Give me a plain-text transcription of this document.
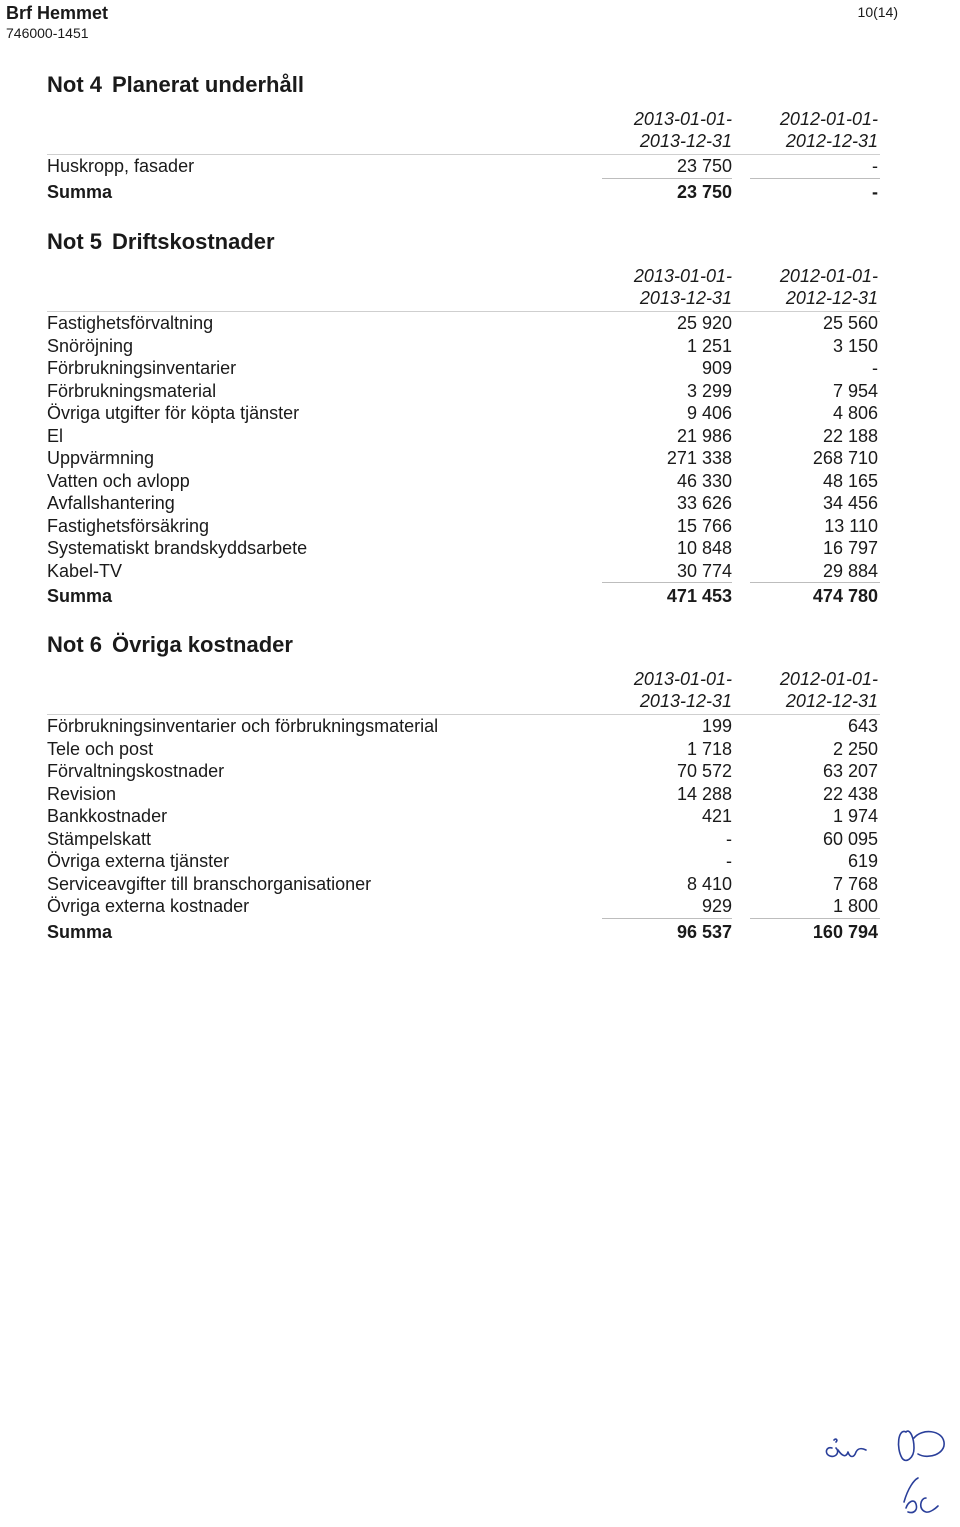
Brf Hemmet
746000-1451
10(14)
Not 4 Planerat underhåll
2013-01-01-
2013-12-31
2012-01-01-
2012-12-31
Huskropp, fasader	23 750	-
Summa	23 750	-
Not 5 Driftskostnader
2013-01-01-
2013-12-31
2012-01-01-
2012-12-31
Fastighetsförvaltning	25 920	25 560
Snöröjning	1 251	3 150
Förbrukningsinventarier	909	-
Förbrukningsmaterial	3 299	7 954
Övriga utgifter för köpta tjänster	9 406	4 806
El	21 986	22 188
Uppvärmning	271 338	268 710
Vatten och avlopp	46 330	48 165
Avfallshantering	33 626	34 456
Fastighetsförsäkring	15 766	13 110
Systematiskt brandskyddsarbete	10 848	16 797
Kabel-TV	30 774	29 884
Summa	471 453	474 780
Not 6 Övriga kostnader
2013-01-01-
2013-12-31
2012-01-01-
2012-12-31
Förbrukningsinventarier och förbrukningsmaterial	199	643
Tele och post	1 718	2 250
Förvaltningskostnader	70 572	63 207
Revision	14 288	22 438
Bankkostnader	421	1 974
Stämpelskatt	-	60 095
Övriga externa tjänster	-	619
Serviceavgifter till branschorganisationer	8 410	7 768
Övriga externa kostnader	929	1 800
Summa	96 537	160 794
